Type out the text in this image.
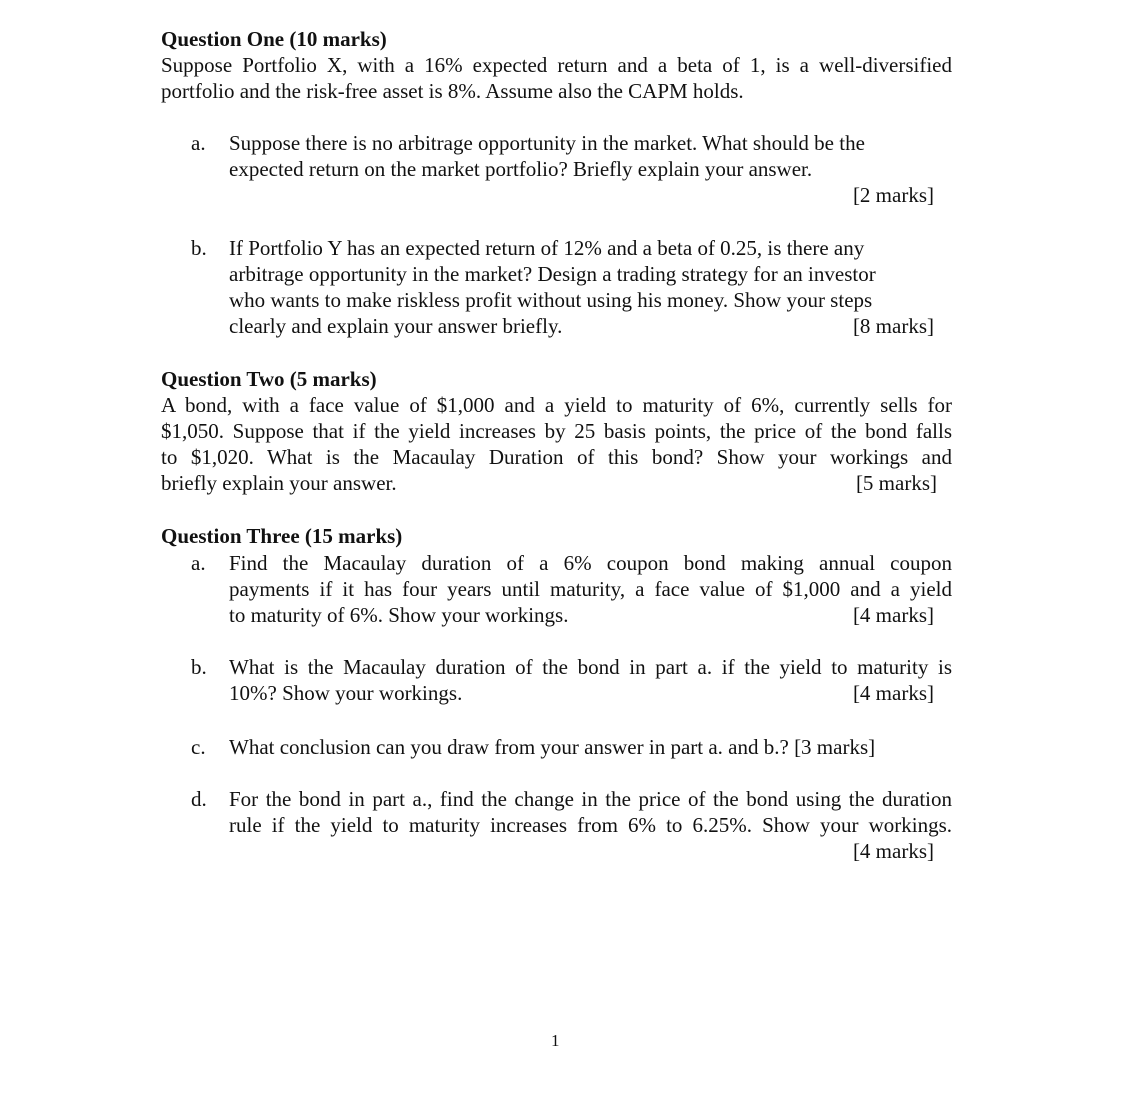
Question One (10 marks)
Suppose Portfolio X, with a 16% expected return and a beta of 1, is a well-diversified
portfolio and the risk-free asset is 8%. Assume also the CAPM holds.
a. Suppose there is no arbitrage opportunity in the market. What should be the
expected return on the market portfolio? Briefly explain your answer.
[2 marks]
b. If Portfolio Y has an expected return of 12% and a beta of 0.25, is there any
arbitrage opportunity in the market? Design a trading strategy for an investor
who wants to make riskless profit without using his money. Show your steps
clearly and explain your answer briefly.	[8 marks]
Question Two (5 marks)
A bond, with a face value of $1,000 and a yield to maturity of 6%, currently sells for
$1,050. Suppose that if the yield increases by 25 basis points, the price of the bond falls
to $1,020. What is the Macaulay Duration of this bond? Show your workings and
briefly explain your answer.	[5 marks]
Question Three (15 marks)
a. Find the Macaulay duration of a 6% coupon bond making annual coupon
payments if it has four years until maturity, a face value of $1,000 and a yield
to maturity of 6%. Show your workings.	[4 marks]
b. What is the Macaulay duration of the bond in part a. if the yield to maturity is
10%? Show your workings.	[4 marks]
c. What conclusion can you draw from your answer in part a. and b.? [3 marks]
d. For the bond in part a., find the change in the price of the bond using the duration
rule if the yield to maturity increases from 6% to 6.25%. Show your workings.
[4 marks]
1
